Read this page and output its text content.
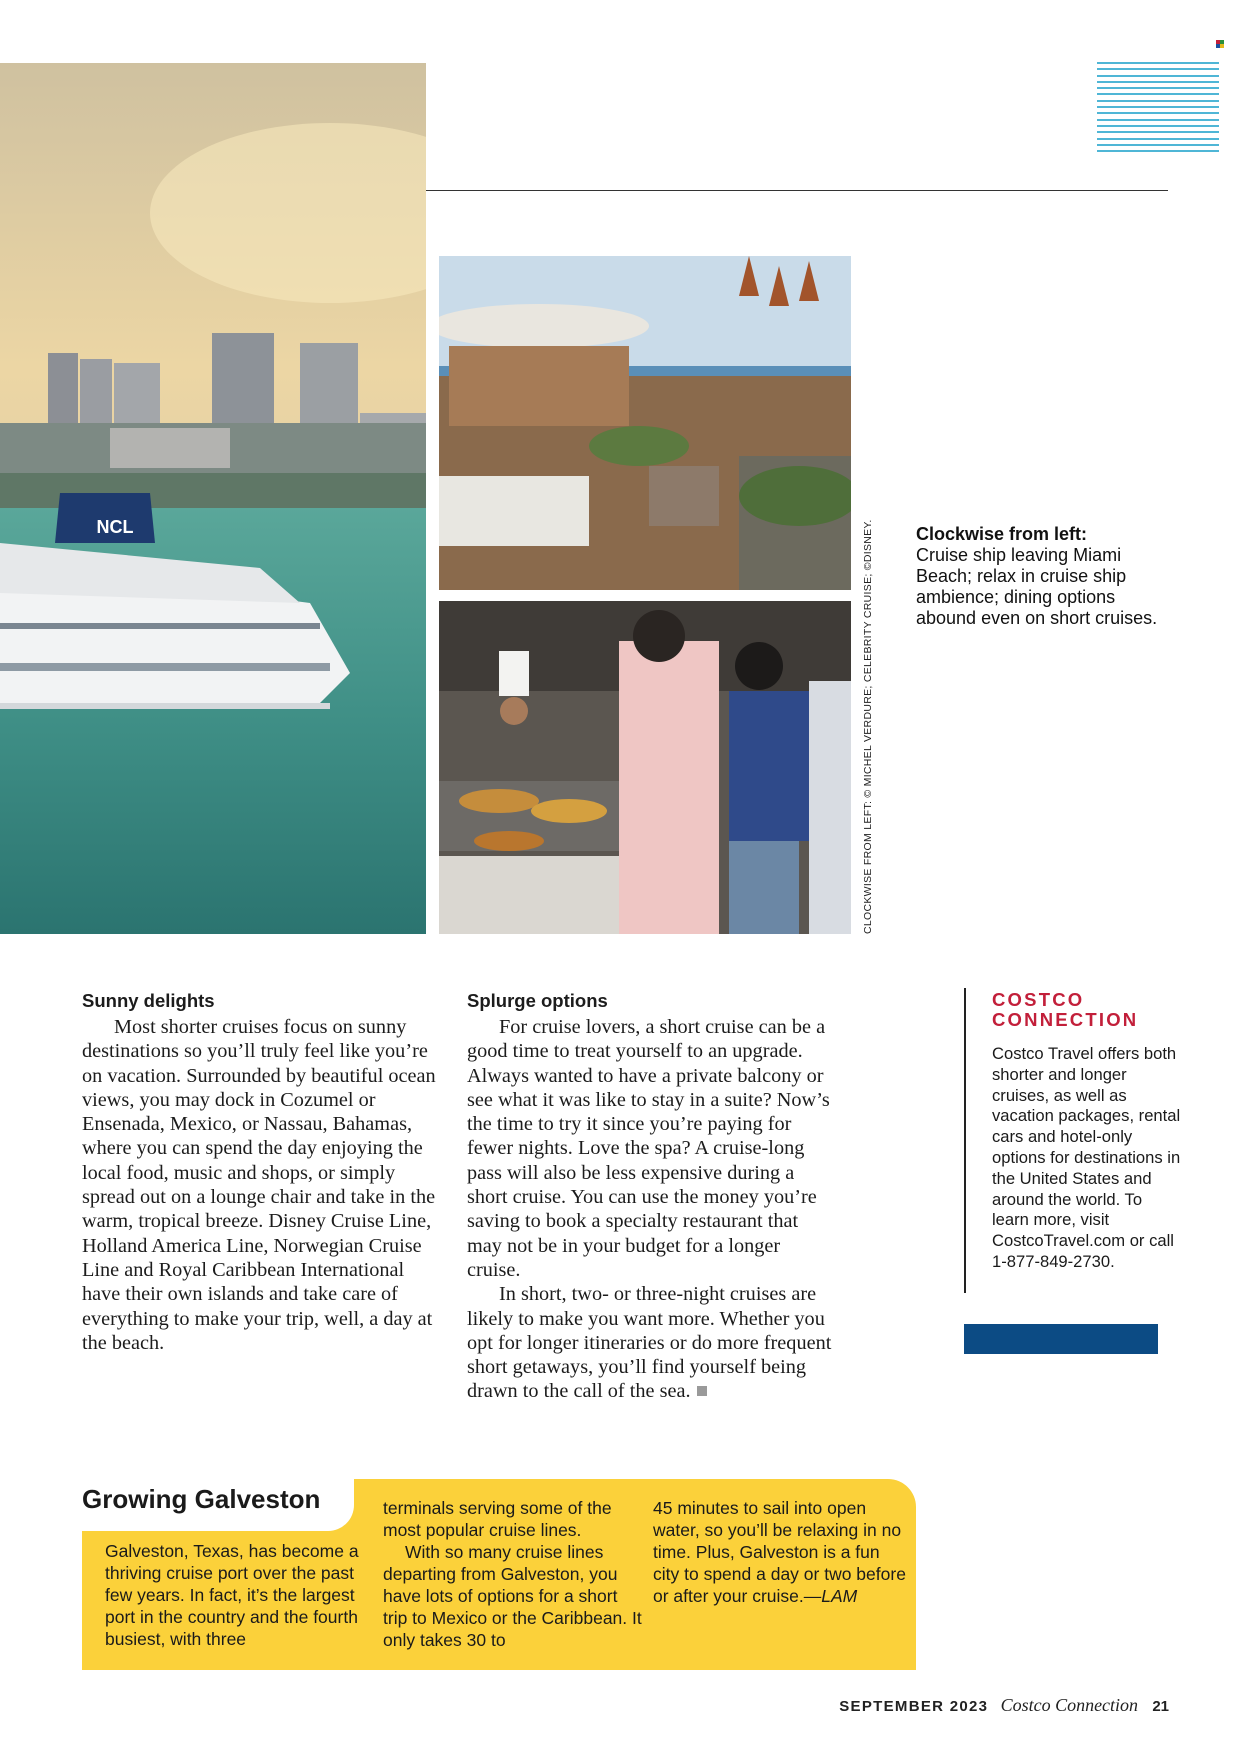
NCL	CLOCKWISE FROM LEFT: © MICHEL VERDURE; CELEBRITY CRUISE; ©DISNEY. Clockwise from left:
Cruise ship leaving Miami Beach; relax in cruise ship ambience; dining options abound even on short cruises.
Sunny delights

Most shorter cruises focus on sunny destinations so you’ll truly feel like you’re on vacation. Surrounded by beautiful ocean views, you may dock in Cozumel or Ensenada, Mexico, or Nassau, Bahamas, where you can spend the day enjoying the local food, music and shops, or simply spread out on a lounge chair and take in the warm, tropical breeze. Disney Cruise Line, Holland America Line, Norwegian Cruise Line and Royal Caribbean International have their own islands and take care of everything to make your trip, well, a day at the beach.

Splurge options

For cruise lovers, a short cruise can be a good time to treat yourself to an upgrade. Always wanted to have a private balcony or see what it was like to stay in a suite? Now’s the time to try it since you’re paying for fewer nights. Love the spa? A cruise-long pass will also be less expensive during a short cruise. You can use the money you’re saving to book a specialty restaurant that may not be in your budget for a longer cruise.

In short, two- or three-night cruises are likely to make you want more. Whether you opt for longer itineraries or do more frequent short getaways, you’ll find yourself being drawn to the call of the sea.

COSTCO
CONNECTION
Costco Travel offers both shorter and longer cruises, as well as vacation packages, rental cars and hotel-only options for destinations in the United States and around the world. To learn more, visit CostcoTravel.com or call 1-877-849-2730.
Growing Galveston
Galveston, Texas, has become a thriving cruise port over the past few years. In fact, it’s the largest port in the country and the fourth busiest, with three
terminals serving some of the most popular cruise lines.
With so many cruise lines departing from Galveston, you have lots of options for a short trip to Mexico or the Caribbean. It only takes 30 to
45 minutes to sail into open water, so you’ll be relaxing in no time. Plus, Galveston is a fun city to spend a day or two before or after your cruise.—LAM
SEPTEMBER 2023 Costco Connection 21
